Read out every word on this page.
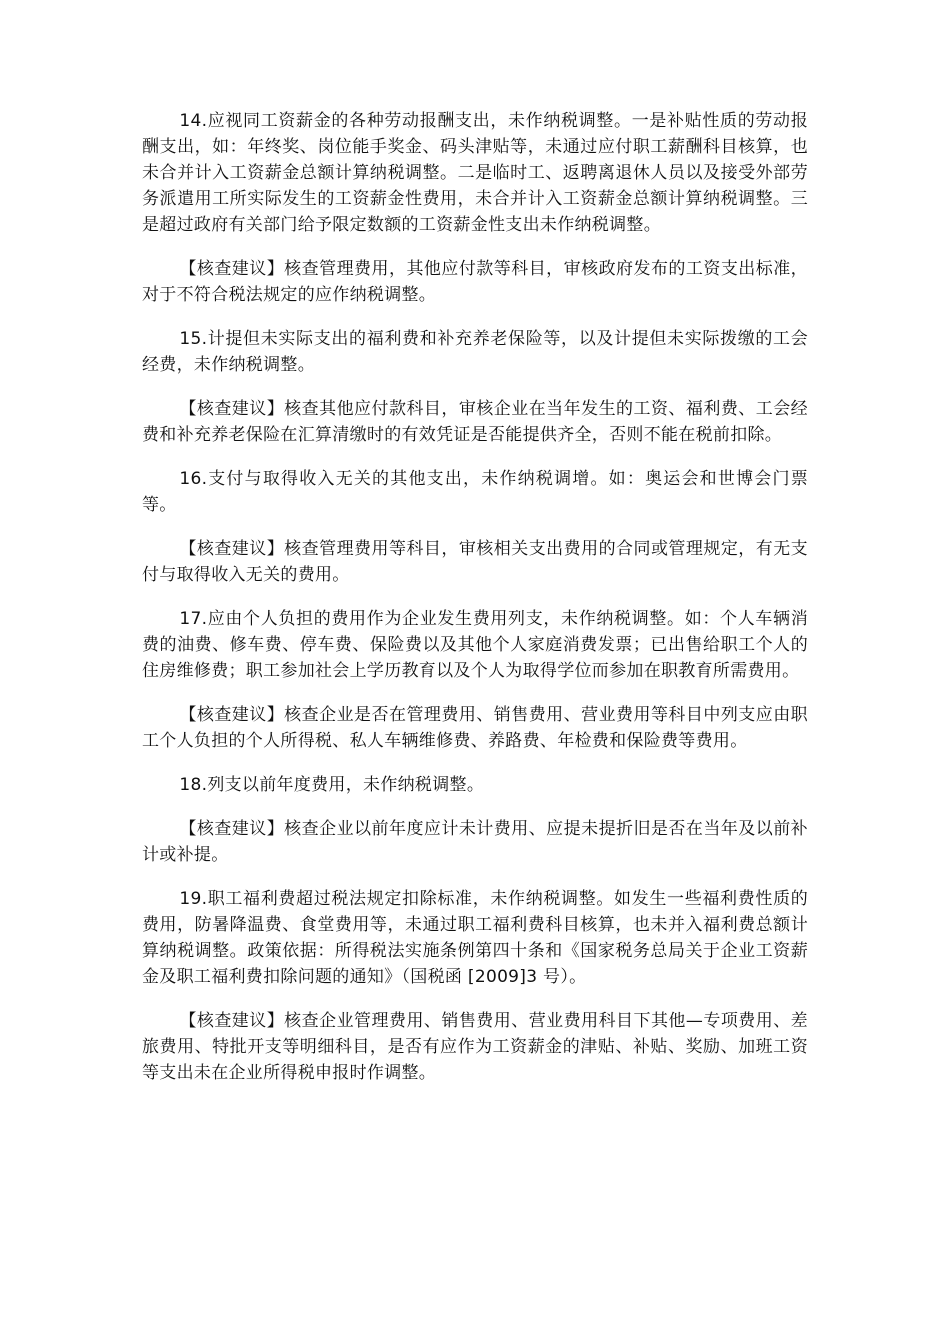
14.应视同工资薪金的各种劳动报酬支出，未作纳税调整。一是补贴性质的劳动报酬支出，如：年终奖、岗位能手奖金、码头津贴等，未通过应付职工薪酬科目核算，也未合并计入工资薪金总额计算纳税调整。二是临时工、返聘离退休人员以及接受外部劳务派遣用工所实际发生的工资薪金性费用，未合并计入工资薪金总额计算纳税调整。三是超过政府有关部门给予限定数额的工资薪金性支出未作纳税调整。

【核查建议】核查管理费用，其他应付款等科目，审核政府发布的工资支出标准，对于不符合税法规定的应作纳税调整。

15.计提但未实际支出的福利费和补充养老保险等，以及计提但未实际拨缴的工会经费，未作纳税调整。

【核查建议】核查其他应付款科目，审核企业在当年发生的工资、福利费、工会经费和补充养老保险在汇算清缴时的有效凭证是否能提供齐全，否则不能在税前扣除。

16.支付与取得收入无关的其他支出，未作纳税调增。如：奥运会和世博会门票等。

【核查建议】核查管理费用等科目，审核相关支出费用的合同或管理规定，有无支付与取得收入无关的费用。

17.应由个人负担的费用作为企业发生费用列支，未作纳税调整。如：个人车辆消费的油费、修车费、停车费、保险费以及其他个人家庭消费发票；已出售给职工个人的住房维修费；职工参加社会上学历教育以及个人为取得学位而参加在职教育所需费用。

【核查建议】核查企业是否在管理费用、销售费用、营业费用等科目中列支应由职工个人负担的个人所得税、私人车辆维修费、养路费、年检费和保险费等费用。

18.列支以前年度费用，未作纳税调整。

【核查建议】核查企业以前年度应计未计费用、应提未提折旧是否在当年及以前补计或补提。

19.职工福利费超过税法规定扣除标准，未作纳税调整。如发生一些福利费性质的费用，防暑降温费、食堂费用等，未通过职工福利费科目核算，也未并入福利费总额计算纳税调整。政策依据：所得税法实施条例第四十条和《国家税务总局关于企业工资薪金及职工福利费扣除问题的通知》（国税函 [2009]3 号）。

【核查建议】核查企业管理费用、销售费用、营业费用科目下其他—专项费用、差旅费用、特批开支等明细科目，是否有应作为工资薪金的津贴、补贴、奖励、加班工资等支出未在企业所得税申报时作调整。
